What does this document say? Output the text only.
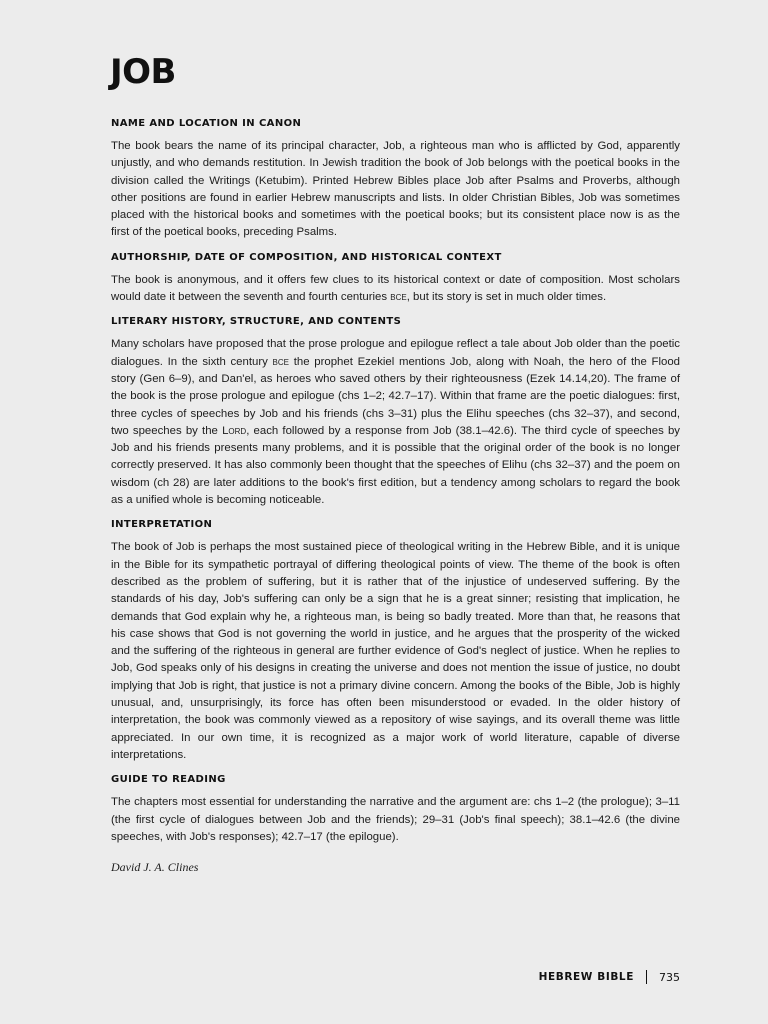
JOB
NAME AND LOCATION IN CANON

The book bears the name of its principal character, Job, a righteous man who is afflicted by God, apparently unjustly, and who demands restitution. In Jewish tradition the book of Job belongs with the poetical books in the division called the Writings (Ketubim). Printed Hebrew Bibles place Job after Psalms and Proverbs, although other positions are found in earlier Hebrew manuscripts and lists. In older Christian Bibles, Job was sometimes placed with the historical books and sometimes with the poetical books; but its consistent place now is as the first of the poetical books, preceding Psalms.

AUTHORSHIP, DATE OF COMPOSITION, AND HISTORICAL CONTEXT

The book is anonymous, and it offers few clues to its historical context or date of composition. Most scholars would date it between the seventh and fourth centuries bce, but its story is set in much older times.

LITERARY HISTORY, STRUCTURE, AND CONTENTS

Many scholars have proposed that the prose prologue and epilogue reflect a tale about Job older than the poetic dialogues. In the sixth century bce the prophet Ezekiel mentions Job, along with Noah, the hero of the Flood story (Gen 6–9), and Dan'el, as heroes who saved others by their righteousness (Ezek 14.14,20). The frame of the book is the prose prologue and epilogue (chs 1–2; 42.7–17). Within that frame are the poetic dialogues: first, three cycles of speeches by Job and his friends (chs 3–31) plus the Elihu speeches (chs 32–37), and second, two speeches by the Lord, each followed by a response from Job (38.1–42.6). The third cycle of speeches by Job and his friends presents many problems, and it is possible that the original order of the book is no longer correctly preserved. It has also commonly been thought that the speeches of Elihu (chs 32–37) and the poem on wisdom (ch 28) are later additions to the book's first edition, but a tendency among scholars to regard the book as a unified whole is becoming noticeable.

INTERPRETATION

The book of Job is perhaps the most sustained piece of theological writing in the Hebrew Bible, and it is unique in the Bible for its sympathetic portrayal of differing theological points of view. The theme of the book is often described as the problem of suffering, but it is rather that of the injustice of undeserved suffering. By the standards of his day, Job's suffering can only be a sign that he is a great sinner; resisting that implication, he demands that God explain why he, a righteous man, is being so badly treated. More than that, he reasons that his case shows that God is not governing the world in justice, and he argues that the prosperity of the wicked and the suffering of the righteous in general are further evidence of God's neglect of justice. When he replies to Job, God speaks only of his designs in creating the universe and does not mention the issue of justice, no doubt implying that Job is right, that justice is not a primary divine concern. Among the books of the Bible, Job is highly unusual, and, unsurprisingly, its force has often been misunderstood or evaded. In the older history of interpretation, the book was commonly viewed as a repository of wise sayings, and its overall theme was little appreciated. In our own time, it is recognized as a major work of world literature, capable of diverse interpretations.

GUIDE TO READING

The chapters most essential for understanding the narrative and the argument are: chs 1–2 (the prologue); 3–11 (the first cycle of dialogues between Job and the friends); 29–31 (Job's final speech); 38.1–42.6 (the divine speeches, with Job's responses); 42.7–17 (the epilogue).

David J. A. Clines

HEBREW BIBLE 735
